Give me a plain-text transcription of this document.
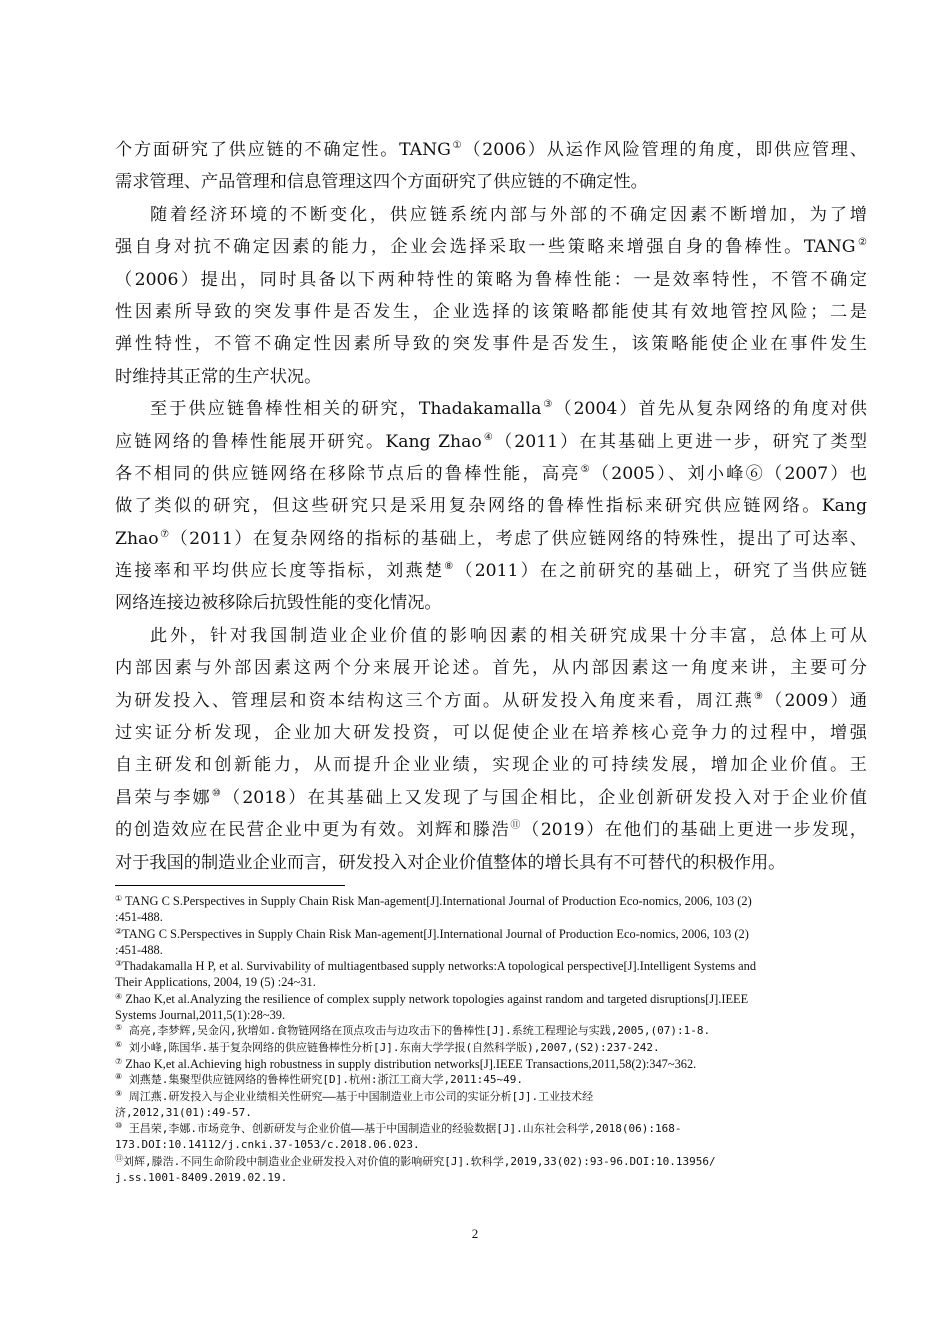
个方面研究了供应链的不确定性。TANG①（2006）从运作风险管理的角度，即供应管理、
需求管理、产品管理和信息管理这四个方面研究了供应链的不确定性。
随着经济环境的不断变化，供应链系统内部与外部的不确定因素不断增加，为了增
强自身对抗不确定因素的能力，企业会选择采取一些策略来增强自身的鲁棒性。TANG②
（2006）提出，同时具备以下两种特性的策略为鲁棒性能：一是效率特性，不管不确定
性因素所导致的突发事件是否发生，企业选择的该策略都能使其有效地管控风险；二是
弹性特性，不管不确定性因素所导致的突发事件是否发生，该策略能使企业在事件发生
时维持其正常的生产状况。
至于供应链鲁棒性相关的研究，Thadakamalla③（2004）首先从复杂网络的角度对供
应链网络的鲁棒性能展开研究。Kang Zhao④（2011）在其基础上更进一步，研究了类型
各不相同的供应链网络在移除节点后的鲁棒性能，高亮⑤（2005）、刘小峰⑥（2007）也
做了类似的研究，但这些研究只是采用复杂网络的鲁棒性指标来研究供应链网络。Kang
Zhao⑦（2011）在复杂网络的指标的基础上，考虑了供应链网络的特殊性，提出了可达率、
连接率和平均供应长度等指标，刘燕楚⑧（2011）在之前研究的基础上，研究了当供应链
网络连接边被移除后抗毁性能的变化情况。
此外，针对我国制造业企业价值的影响因素的相关研究成果十分丰富，总体上可从
内部因素与外部因素这两个分来展开论述。首先，从内部因素这一角度来讲，主要可分
为研发投入、管理层和资本结构这三个方面。从研发投入角度来看，周江燕⑨（2009）通
过实证分析发现，企业加大研发投资，可以促使企业在培养核心竞争力的过程中，增强
自主研发和创新能力，从而提升企业业绩，实现企业的可持续发展，增加企业价值。王
昌荣与李娜⑩（2018）在其基础上又发现了与国企相比，企业创新研发投入对于企业价值
的创造效应在民营企业中更为有效。刘辉和滕浩⑪（2019）在他们的基础上更进一步发现，
对于我国的制造业企业而言，研发投入对企业价值整体的增长具有不可替代的积极作用。
① TANG C S.Perspectives in Supply Chain Risk Man-agement[J].International Journal of Production Eco-nomics, 2006, 103 (2)
:451-488.
②TANG C S.Perspectives in Supply Chain Risk Man-agement[J].International Journal of Production Eco-nomics, 2006, 103 (2)
:451-488.
③Thadakamalla H P, et al. Survivability of multiagentbased supply networks:A topological perspective[J].Intelligent Systems and
Their Applications, 2004, 19 (5) :24~31.
④ Zhao K,et al.Analyzing the resilience of complex supply network topologies against random and targeted disruptions[J].IEEE
Systems Journal,2011,5(1):28~39.
⑤ 高亮,李梦辉,吴金闪,狄增如.食物链网络在顶点攻击与边攻击下的鲁棒性[J].系统工程理论与实践,2005,(07):1-8.
⑥ 刘小峰,陈国华.基于复杂网络的供应链鲁棒性分析[J].东南大学学报(自然科学版),2007,(S2):237-242.
⑦ Zhao K,et al.Achieving high robustness in supply distribution networks[J].IEEE Transactions,2011,58(2):347~362.
⑧ 刘燕楚.集聚型供应链网络的鲁棒性研究[D].杭州:浙江工商大学,2011:45~49.
⑨ 周江燕.研发投入与企业业绩相关性研究——基于中国制造业上市公司的实证分析[J].工业技术经
济,2012,31(01):49-57.
⑩ 王昌荣,李娜.市场竞争、创新研发与企业价值——基于中国制造业的经验数据[J].山东社会科学,2018(06):168-
173.DOI:10.14112/j.cnki.37-1053/c.2018.06.023.
⑪刘辉,滕浩.不同生命阶段中制造业企业研发投入对价值的影响研究[J].软科学,2019,33(02):93-96.DOI:10.13956/
j.ss.1001-8409.2019.02.19.
2
